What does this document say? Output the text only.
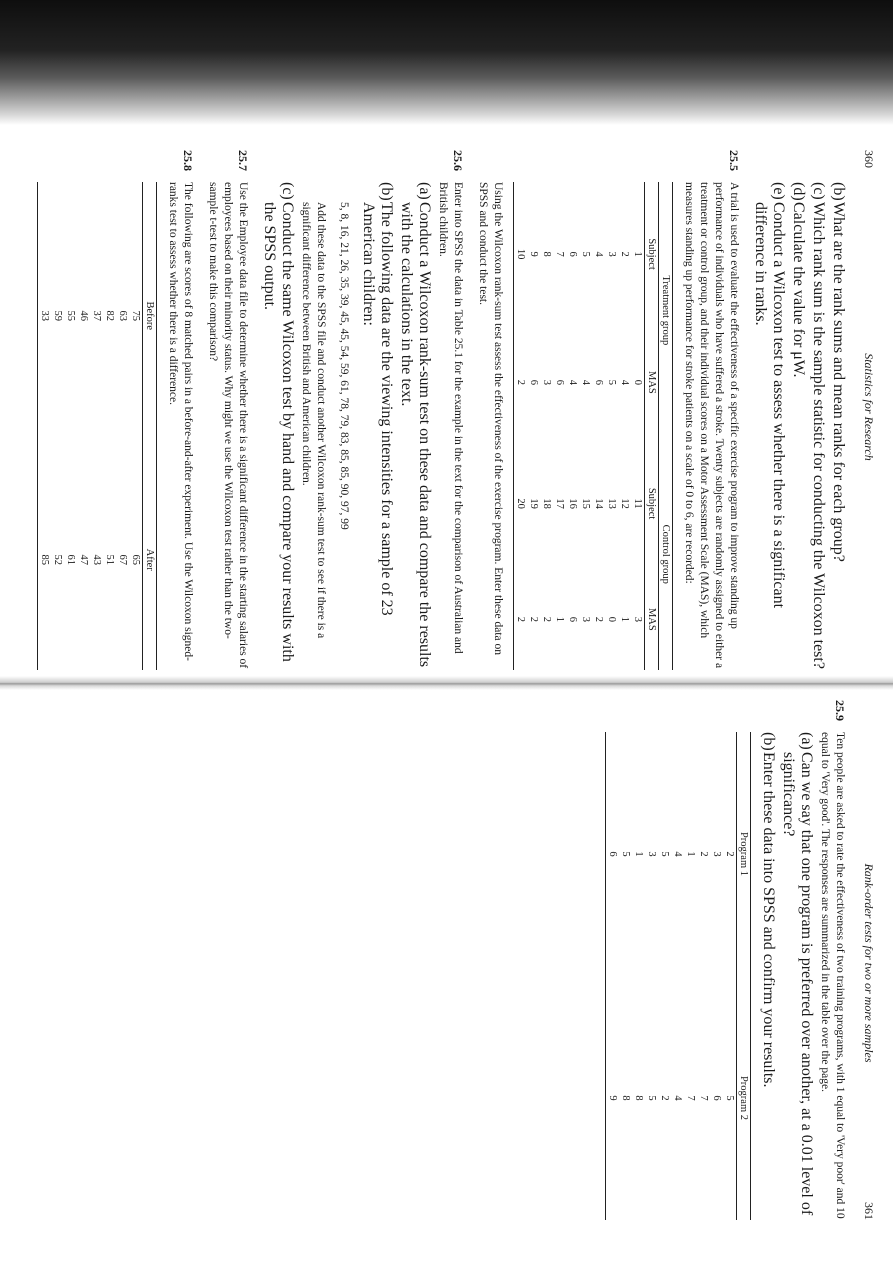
360
Statistics for Research
(b)
What are the rank sums and mean ranks for each group?
(c)
Which rank sum is the sample statistic for conducting the Wilcoxon test?
(d)
Calculate the value for μW.
(e)
Conduct a Wilcoxon test to assess whether there is a significant difference in ranks.
25.5

A trial is used to evaluate the effectiveness of a specific exercise program to improve standing up performance of individuals who have suffered a stroke. Twenty subjects are randomly assigned to either a treatment or control group, and their individual scores on a Motor Assessment Scale (MAS), which measures standing up performance for stroke patients on a scale of 0 to 6, are recorded:

Treatment group		Control group	
Subject	MAS	Subject	MAS
1	0	11	3
2	4	12	1
3	5	13	0
4	6	14	2
5	4	15	3
6	4	16	6
7	6	17	1
8	3	18	2
9	6	19	2
10	2	20	2

Using the Wilcoxon rank-sum test assess the effectiveness of the exercise program. Enter these data on SPSS and conduct the test.

25.6

Enter into SPSS the data in Table 25.1 for the example in the text for the comparison of Australian and British children.

(a)
Conduct a Wilcoxon rank-sum test on these data and compare the results with the calculations in the text.
(b)
The following data are the viewing intensities for a sample of 23 American children:

5, 8, 16, 21, 26, 35, 39, 45, 45, 54, 59, 61, 78, 79, 83, 85, 85, 90, 97, 99

Add these data to the SPSS file and conduct another Wilcoxon rank-sum test to see if there is a significant difference between British and American children.

(c)
Conduct the same Wilcoxon test by hand and compare your results with the SPSS output.
25.7

Use the Employee data file to determine whether there is a significant difference in the starting salaries of employees based on their minority status. Why might we use the Wilcoxon test rather than the two-sample t-test to make this comparison?

25.8

The following are scores of 8 matched pairs in a before-and-after experiment. Use the Wilcoxon signed-ranks test to assess whether there is a difference.

Before	After
75	65
63	67
82	51
37	43
46	47
55	61
59	52
33	85
Rank-order tests for two or more samples
361
25.9

Ten people are asked to rate the effectiveness of two training programs, with 1 equal to 'Very poor' and 10 equal to 'Very good'. The responses are summarized in the table over the page.

(a)
Can we say that one program is preferred over another, at a 0.01 level of significance?
(b)
Enter these data into SPSS and confirm your results.
Program 1	Program 2
2	5
3	6
2	7
1	7
4	4
5	2
3	5
1	8
5	8
6	9
